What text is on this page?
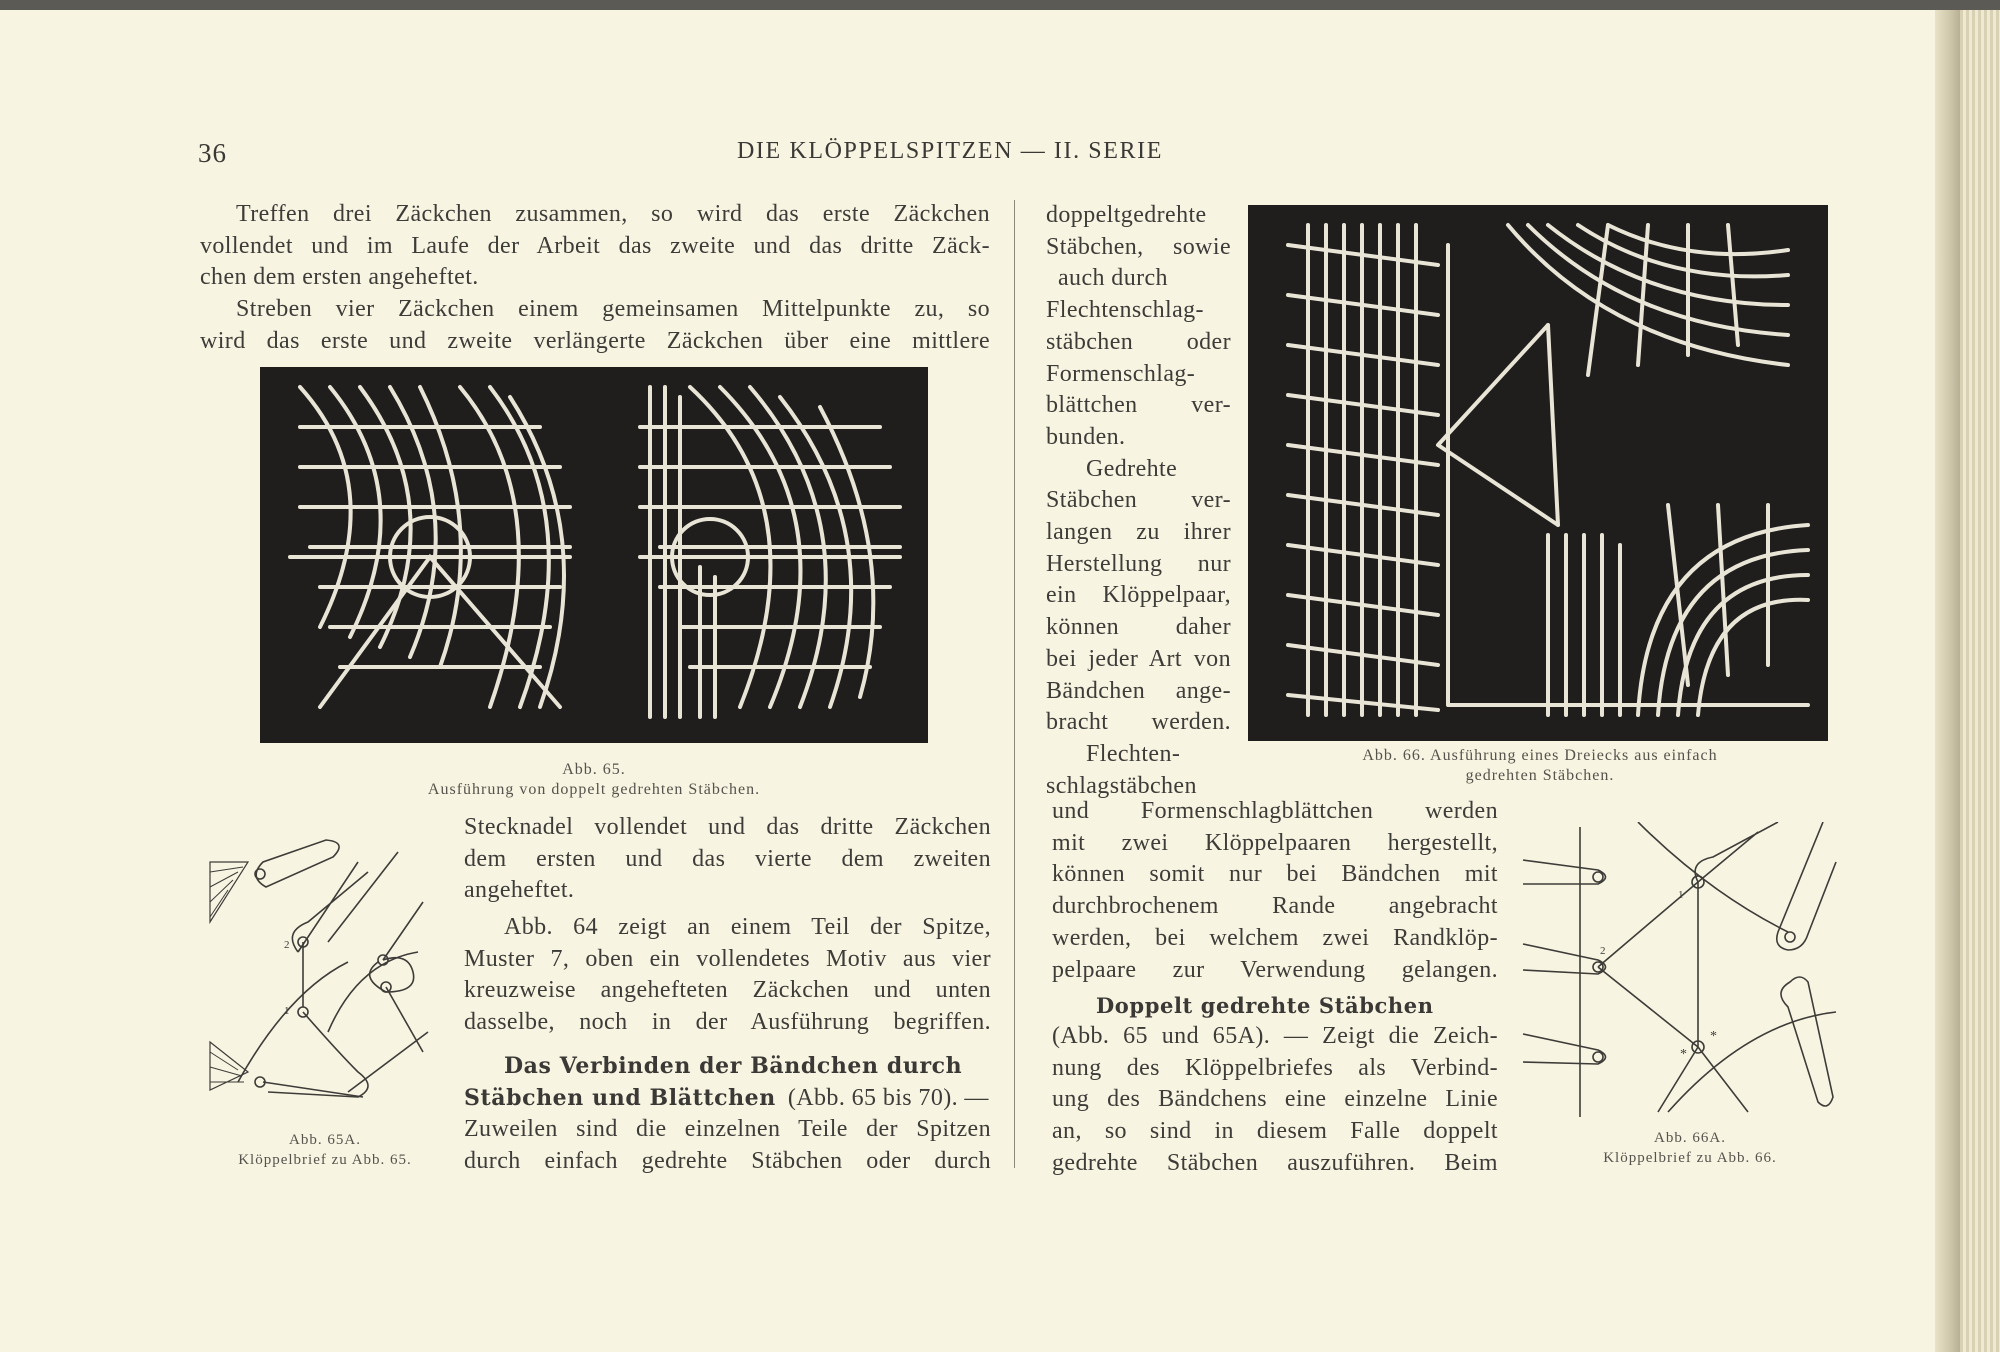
36	DIE KLÖPPELSPITZEN — II. SERIE
Treffen drei Zäckchen zusammen, so wird das erste Zäckchen
vollendet und im Laufe der Arbeit das zweite und das dritte Zäck-
chen dem ersten angeheftet.
Streben vier Zäckchen einem gemeinsamen Mittelpunkte zu, so
wird das erste und zweite verlängerte Zäckchen über eine mittlere
Abb. 65.
Ausführung von doppelt gedrehten Stäbchen.
2
1
Abb. 65A.
Klöppelbrief zu Abb. 65.
Stecknadel vollendet und das dritte Zäckchen
dem ersten und das vierte dem zweiten
angeheftet.
Abb. 64 zeigt an einem Teil der Spitze,
Muster 7, oben ein vollendetes Motiv aus vier
kreuzweise angehefteten Zäckchen und unten
dasselbe, noch in der Ausführung begriffen.
Das Verbinden der Bändchen durch
Stäbchen und Blättchen (Abb. 65 bis 70). —
Zuweilen sind die einzelnen Teile der Spitzen
durch einfach gedrehte Stäbchen oder durch
doppeltgedrehte
Stäbchen, sowie
auch durch
Flechtenschlag-
stäbchen oder
Formenschlag-
blättchen ver-
bunden.
Gedrehte
Stäbchen ver-
langen zu ihrer
Herstellung nur
ein Klöppelpaar,
können daher
bei jeder Art von
Bändchen ange-
bracht werden.
Flechten-
schlagstäbchen
Abb. 66. Ausführung eines Dreiecks aus einfach
gedrehten Stäbchen.
und Formenschlagblättchen werden
mit zwei Klöppelpaaren hergestellt,
können somit nur bei Bändchen mit
durchbrochenem Rande angebracht
werden, bei welchem zwei Randklöp-
pelpaare zur Verwendung gelangen.
Doppelt gedrehte Stäbchen
(Abb. 65 und 65A). — Zeigt die Zeich-
nung des Klöppelbriefes als Verbind-
ung des Bändchens eine einzelne Linie
an, so sind in diesem Falle doppelt
gedrehte Stäbchen auszuführen. Beim
1
2
*
*
Abb. 66A.
Klöppelbrief zu Abb. 66.
